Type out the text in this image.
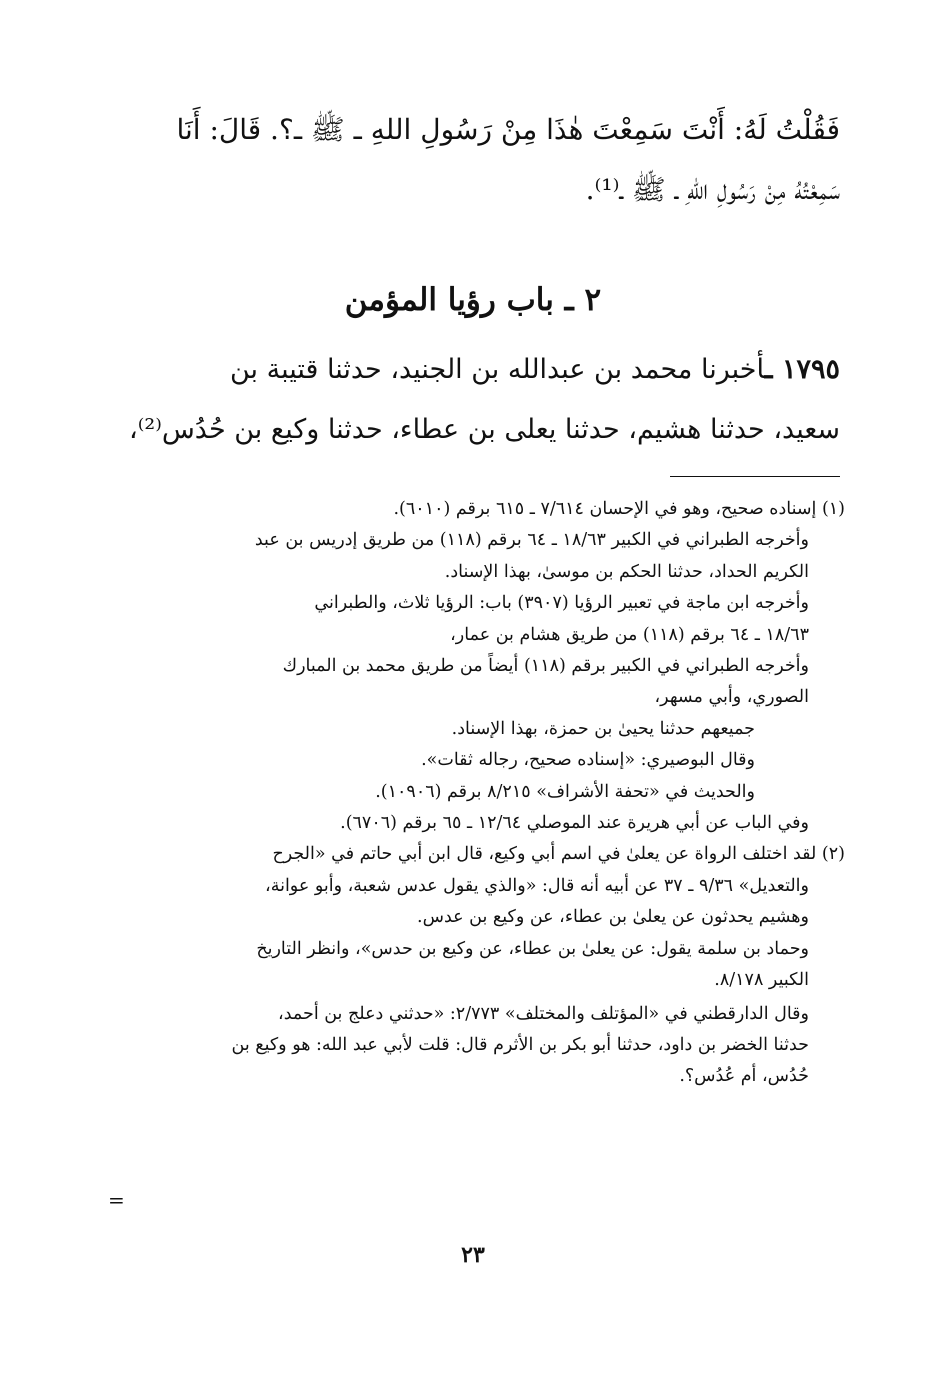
فَقُلْتُ لَهُ: أَنْتَ سَمِعْتَ هٰذَا مِنْ رَسُولِ اللهِ ـ ﷺ ـ؟. قَالَ: أَنَا
سَمِعْتُهُ مِنْ رَسُولِ اللهِ ـ ﷺ ـ⁽¹⁾.
٢ ـ باب رؤيا المؤمن
١٧٩٥ ـأخبرنا محمد بن عبدالله بن الجنيد، حدثنا قتيبة بن
سعيد، حدثنا هشيم، حدثنا يعلى بن عطاء، حدثنا وكيع بن حُدُس⁽²⁾،
(١) إسناده صحيح، وهو في الإحسان ٧/٦١٤ ـ ٦١٥ برقم (٦٠١٠).
وأخرجه الطبراني في الكبير ١٨/٦٣ ـ ٦٤ برقم (١١٨) من طريق إدريس بن عبد
الكريم الحداد، حدثنا الحكم بن موسىٰ، بهذا الإسناد.
وأخرجه ابن ماجة في تعبير الرؤيا (٣٩٠٧) باب: الرؤيا ثلاث، والطبراني
١٨/٦٣ ـ ٦٤ برقم (١١٨) من طريق هشام بن عمار،
وأخرجه الطبراني في الكبير برقم (١١٨) أيضاً من طريق محمد بن المبارك
الصوري، وأبي مسهر،
جميعهم حدثنا يحيىٰ بن حمزة، بهذا الإسناد.
وقال البوصيري: «إسناده صحيح، رجاله ثقات».
والحديث في «تحفة الأشراف» ٨/٢١٥ برقم (١٠٩٠٦).
وفي الباب عن أبي هريرة عند الموصلي ١٢/٦٤ ـ ٦٥ برقم (٦٧٠٦).
(٢) لقد اختلف الرواة عن يعلىٰ في اسم أبي وكيع، قال ابن أبي حاتم في «الجرح
والتعديل» ٩/٣٦ ـ ٣٧ عن أبيه أنه قال: «والذي يقول عدس شعبة، وأبو عوانة،
وهشيم يحدثون عن يعلىٰ بن عطاء، عن وكيع بن عدس.
وحماد بن سلمة يقول: عن يعلىٰ بن عطاء، عن وكيع بن حدس»، وانظر التاريخ
الكبير ٨/١٧٨.
وقال الدارقطني في «المؤتلف والمختلف» ٢/٧٧٣: «حدثني دعلج بن أحمد،
حدثنا الخضر بن داود، حدثنا أبو بكر بن الأثرم قال: قلت لأبي عبد الله: هو وكيع بن
حُدُس، أم عُدُس؟.
=
٢٣
